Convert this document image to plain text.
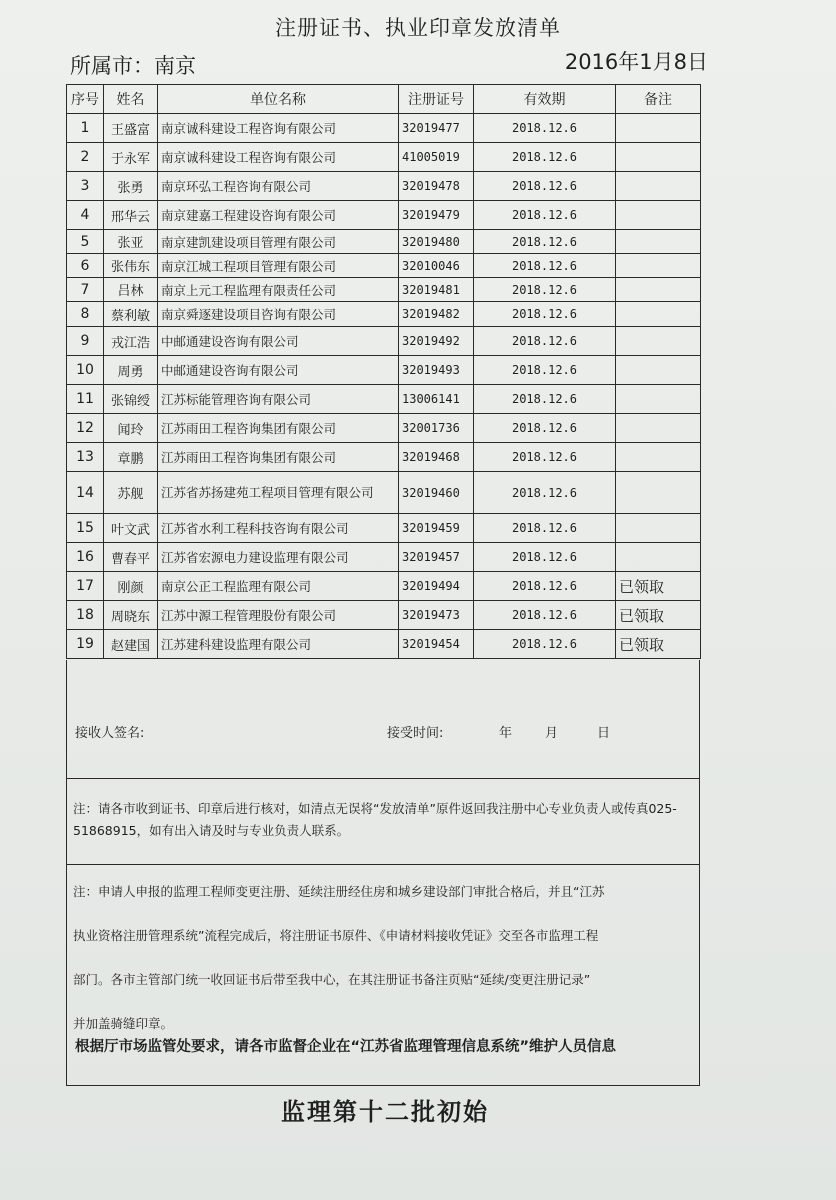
注册证书、执业印章发放清单
所属市：南京	2016年1月8日
序号	姓名	单位名称	注册证号	有效期	备注
1	王盛富	南京诚科建设工程咨询有限公司	32019477	2018.12.6	
2	于永军	南京诚科建设工程咨询有限公司	41005019	2018.12.6	
3	张勇	南京环弘工程咨询有限公司	32019478	2018.12.6	
4	邢华云	南京建嘉工程建设咨询有限公司	32019479	2018.12.6	
5	张亚	南京建凯建设项目管理有限公司	32019480	2018.12.6	
6	张伟东	南京江城工程项目管理有限公司	32010046	2018.12.6	
7	吕林	南京上元工程监理有限责任公司	32019481	2018.12.6	
8	蔡利敏	南京舜逐建设项目咨询有限公司	32019482	2018.12.6	
9	戎江浩	中邮通建设咨询有限公司	32019492	2018.12.6	
10	周勇	中邮通建设咨询有限公司	32019493	2018.12.6	
11	张锦绶	江苏标能管理咨询有限公司	13006141	2018.12.6	
12	闻玲	江苏雨田工程咨询集团有限公司	32001736	2018.12.6	
13	章鹏	江苏雨田工程咨询集团有限公司	32019468	2018.12.6	
14	苏舰	江苏省苏扬建苑工程项目管理有限公司	32019460	2018.12.6	
15	叶文武	江苏省水利工程科技咨询有限公司	32019459	2018.12.6	
16	曹春平	江苏省宏源电力建设监理有限公司	32019457	2018.12.6	
17	刚颜	南京公正工程监理有限公司	32019494	2018.12.6	已领取
18	周晓东	江苏中源工程管理股份有限公司	32019473	2018.12.6	已领取
19	赵建国	江苏建科建设监理有限公司	32019454	2018.12.6	已领取
接收人签名:	接受时间:	年	月	日
注：请各市收到证书、印章后进行核对，如清点无误将“发放清单”原件返回我注册中心专业负责人或传真025-51868915，如有出入请及时与专业负责人联系。
注：申请人申报的监理工程师变更注册、延续注册经住房和城乡建设部门审批合格后，并且“江苏
执业资格注册管理系统”流程完成后，将注册证书原件、《申请材料接收凭证》交至各市监理工程
部门。各市主管部门统一收回证书后带至我中心，在其注册证书备注页贴“延续/变更注册记录”
并加盖骑缝印章。
根据厅市场监管处要求，请各市监督企业在“江苏省监理管理信息系统”维护人员信息
监理第十二批初始
